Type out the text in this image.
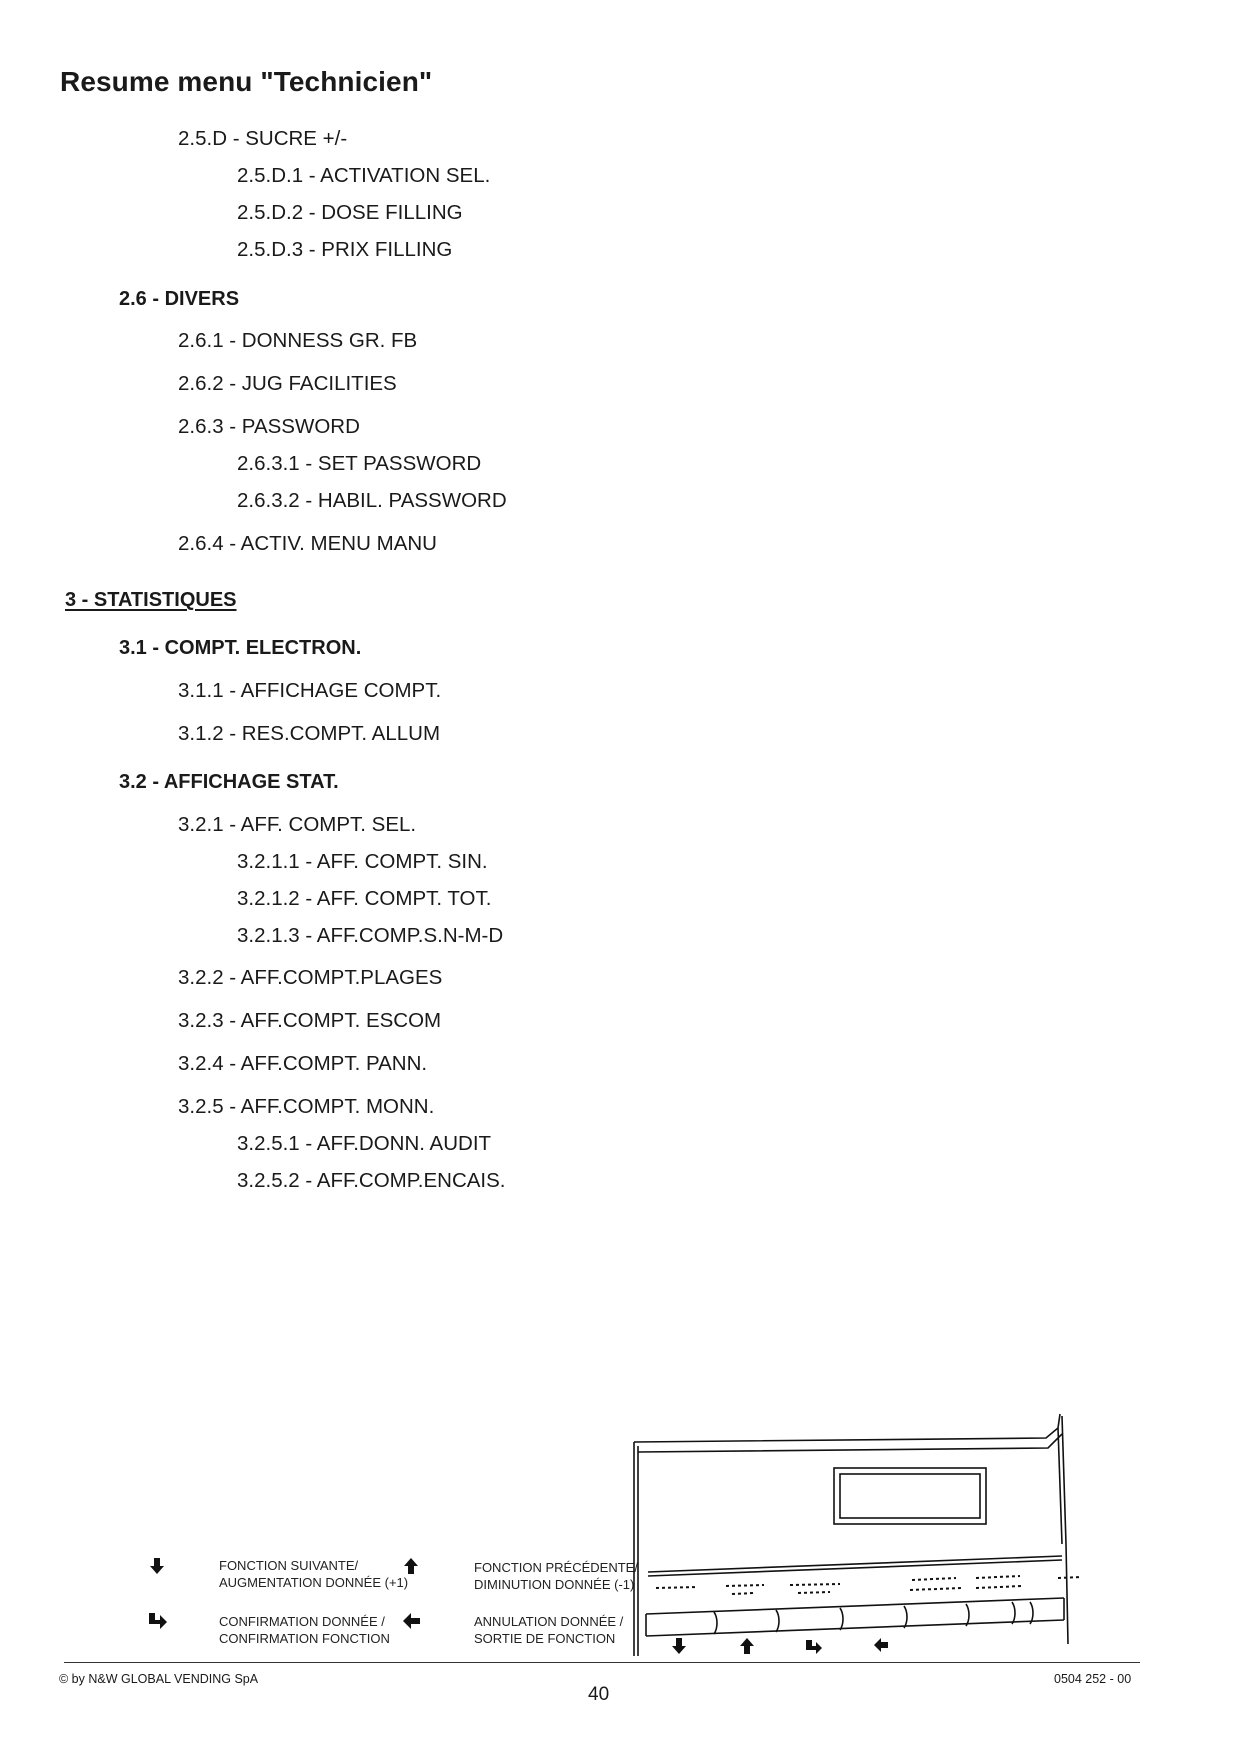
Resume menu "Technicien"
2.5.D - SUCRE +/-
2.5.D.1 - ACTIVATION SEL.
2.5.D.2 - DOSE FILLING
2.5.D.3 - PRIX FILLING
2.6 - DIVERS
2.6.1 - DONNESS GR. FB
2.6.2 - JUG FACILITIES
2.6.3 - PASSWORD
2.6.3.1 - SET PASSWORD
2.6.3.2 - HABIL. PASSWORD
2.6.4 - ACTIV. MENU MANU
3 - STATISTIQUES
3.1 - COMPT. ELECTRON.
3.1.1 - AFFICHAGE COMPT.
3.1.2 - RES.COMPT. ALLUM
3.2 - AFFICHAGE STAT.
3.2.1 - AFF. COMPT. SEL.
3.2.1.1 - AFF. COMPT. SIN.
3.2.1.2 - AFF. COMPT. TOT.
3.2.1.3 - AFF.COMP.S.N-M-D
3.2.2 - AFF.COMPT.PLAGES
3.2.3 - AFF.COMPT. ESCOM
3.2.4 - AFF.COMPT. PANN.
3.2.5 - AFF.COMPT. MONN.
3.2.5.1 - AFF.DONN. AUDIT
3.2.5.2 - AFF.COMP.ENCAIS.
FONCTION SUIVANTE/
AUGMENTATION DONNÉE (+1)
FONCTION PRÉCÉDENTE/
DIMINUTION DONNÉE (-1)
CONFIRMATION DONNÉE /
CONFIRMATION FONCTION
ANNULATION DONNÉE /
SORTIE DE FONCTION
© by N&W GLOBAL VENDING SpA
40
0504 252 - 00
